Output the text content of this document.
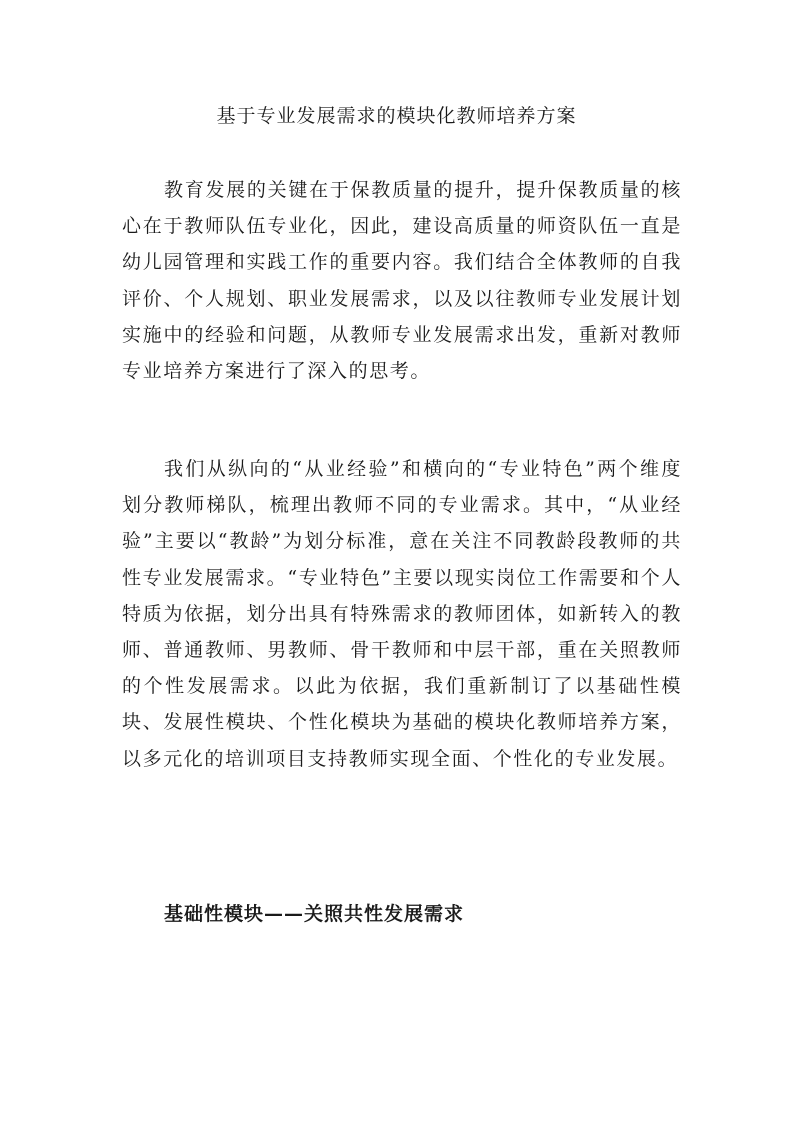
基于专业发展需求的模块化教师培养方案

教育发展的关键在于保教质量的提升，提升保教质量的核心在于教师队伍专业化，因此，建设高质量的师资队伍一直是幼儿园管理和实践工作的重要内容。我们结合全体教师的自我评价、个人规划、职业发展需求，以及以往教师专业发展计划实施中的经验和问题，从教师专业发展需求出发，重新对教师专业培养方案进行了深入的思考。

我们从纵向的“从业经验”和横向的“专业特色”两个维度划分教师梯队，梳理出教师不同的专业需求。其中，“从业经验”主要以“教龄”为划分标准，意在关注不同教龄段教师的共性专业发展需求。“专业特色”主要以现实岗位工作需要和个人特质为依据，划分出具有特殊需求的教师团体，如新转入的教师、普通教师、男教师、骨干教师和中层干部，重在关照教师的个性发展需求。以此为依据，我们重新制订了以基础性模块、发展性模块、个性化模块为基础的模块化教师培养方案，以多元化的培训项目支持教师实现全面、个性化的专业发展。

基础性模块——关照共性发展需求
